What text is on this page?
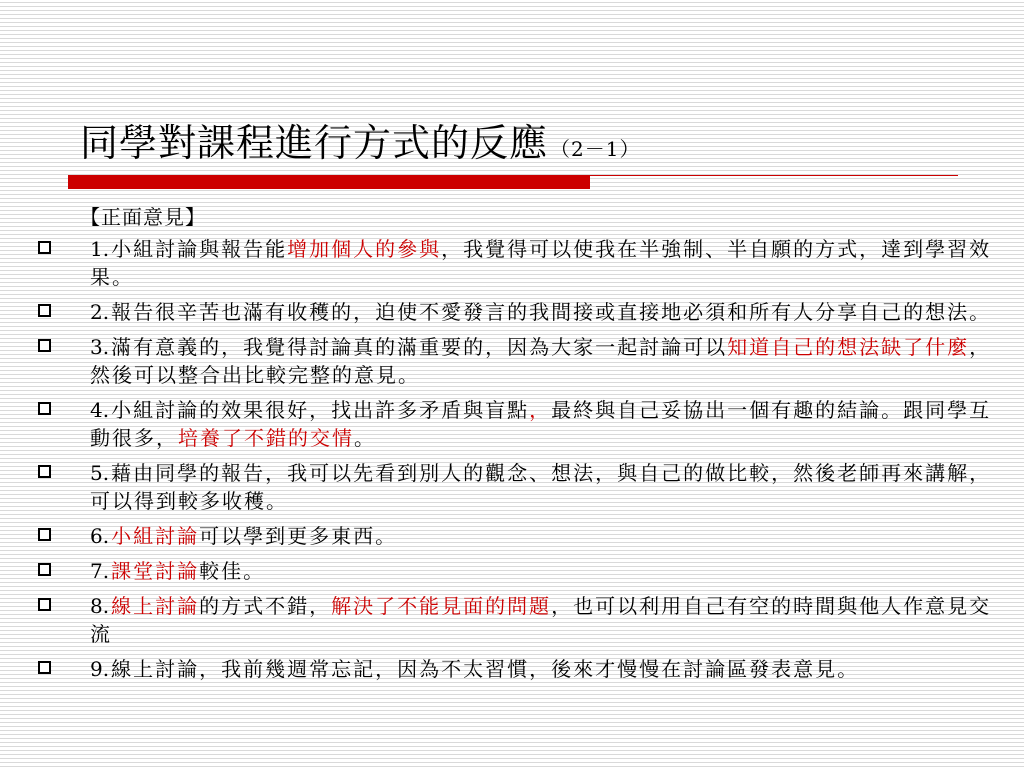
同學對課程進行方式的反應 （2－1）
【正面意見】
1. 小組討論與報告能增加個人的參與，我覺得可以使我在半強制、半自願的方式，達到學習效果。
2. 報告很辛苦也滿有收穫的，迫使不愛發言的我間接或直接地必須和所有人分享自己的想法。
3. 滿有意義的，我覺得討論真的滿重要的，因為大家一起討論可以知道自己的想法缺了什麼，然後可以整合出比較完整的意見。
4. 小組討論的效果很好，找出許多矛盾與盲點，最終與自己妥協出一個有趣的結論。跟同學互動很多，培養了不錯的交情。
5. 藉由同學的報告，我可以先看到別人的觀念、想法，與自己的做比較，然後老師再來講解，可以得到較多收穫。
6. 小組討論可以學到更多東西。
7. 課堂討論較佳。
8. 線上討論的方式不錯，解決了不能見面的問題，也可以利用自己有空的時間與他人作意見交流
9. 線上討論，我前幾週常忘記，因為不太習慣，後來才慢慢在討論區發表意見。
